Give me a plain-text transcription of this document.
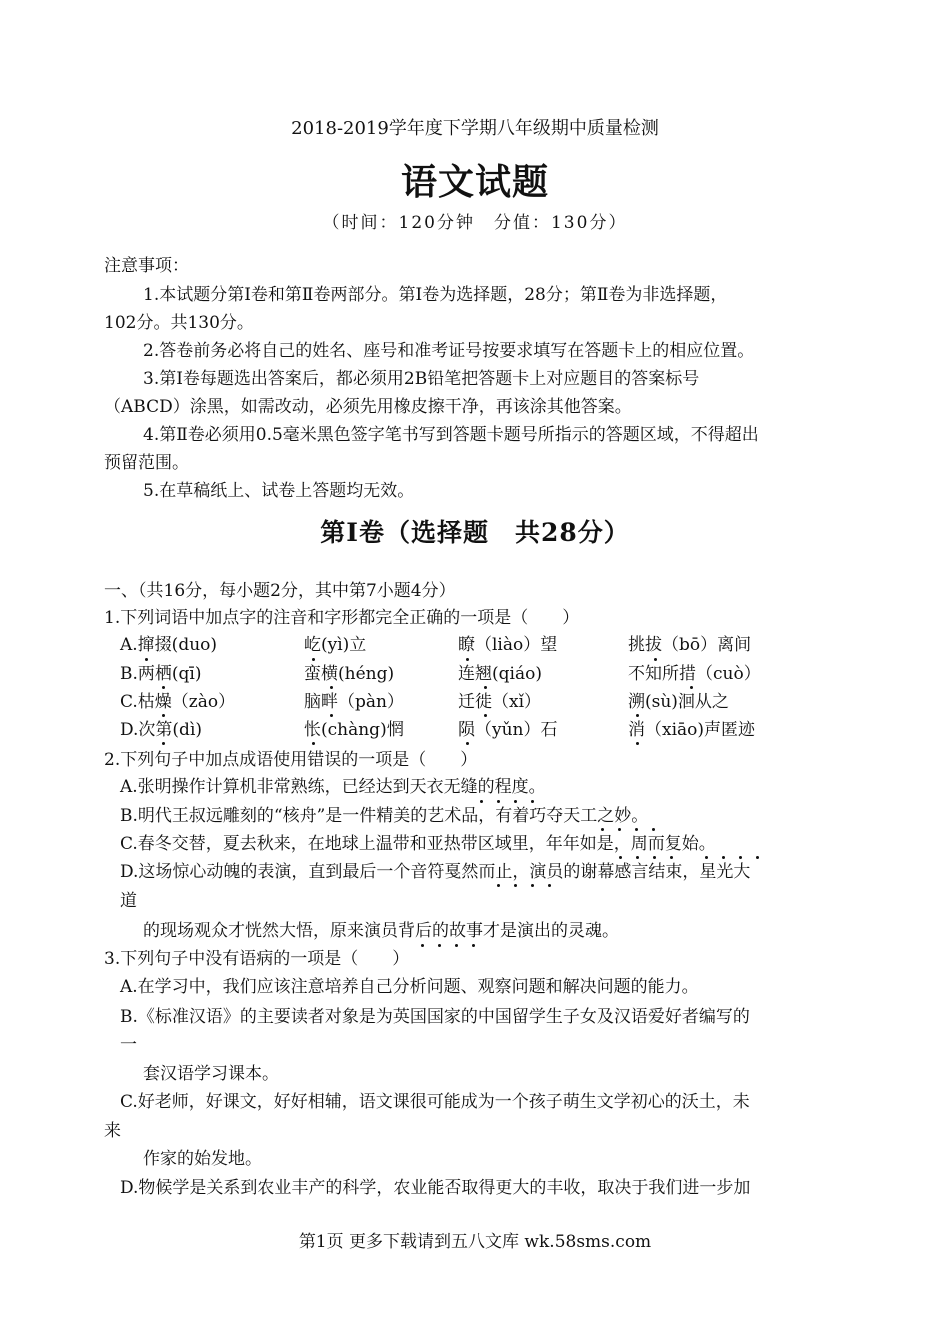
2018-2019学年度下学期八年级期中质量检测
语文试题
（时间：120分钟　分值：130分）
注意事项：
1.本试题分第Ⅰ卷和第Ⅱ卷两部分。第Ⅰ卷为选择题，28分；第Ⅱ卷为非选择题，
102分。共130分。
2.答卷前务必将自己的姓名、座号和准考证号按要求填写在答题卡上的相应位置。
3.第Ⅰ卷每题选出答案后，都必须用2B铅笔把答题卡上对应题目的答案标号
（ABCD）涂黑，如需改动，必须先用橡皮擦干净，再该涂其他答案。
4.第Ⅱ卷必须用0.5毫米黑色签字笔书写到答题卡题号所指示的答题区域，不得超出
预留范围。
5.在草稿纸上、试卷上答题均无效。
第Ⅰ卷（选择题　共28分）
一、（共16分，每小题2分，其中第7小题4分）
1.下列词语中加点字的注音和字形都完全正确的一项是（　　）
A.撺掇(duo)	屹(yì)立	瞭（liào）望	挑拔（bō）离间
B.两栖(qī)	蛮横(héng)	连翘(qiáo)	不知所措（cuò）
C.枯燥（zào）	脑畔（pàn）	迁徙（xǐ）	溯(sù)洄从之
D.次第(dì)	怅(chàng)惘	陨（yǔn）石	消（xiāo)声匿迹
2.下列句子中加点成语使用错误的一项是（　　）
A.张明操作计算机非常熟练，已经达到天衣无缝的程度。
B.明代王叔远雕刻的“核舟”是一件精美的艺术品，有着巧夺天工之妙。
C.春冬交替，夏去秋来，在地球上温带和亚热带区域里，年年如是，周而复始。
D.这场惊心动魄的表演，直到最后一个音符戛然而止，演员的谢幕感言结束，星光大
道
的现场观众才恍然大悟，原来演员背后的故事才是演出的灵魂。
3.下列句子中没有语病的一项是（　　）
A.在学习中，我们应该注意培养自己分析问题、观察问题和解决问题的能力。
B.《标准汉语》的主要读者对象是为英国国家的中国留学生子女及汉语爱好者编写的
一
套汉语学习课本。
C.好老师，好课文，好好相辅，语文课很可能成为一个孩子萌生文学初心的沃土，未
来
作家的始发地。
D.物候学是关系到农业丰产的科学，农业能否取得更大的丰收，取决于我们进一步加
第1页 更多下载请到五八文库 wk.58sms.com
